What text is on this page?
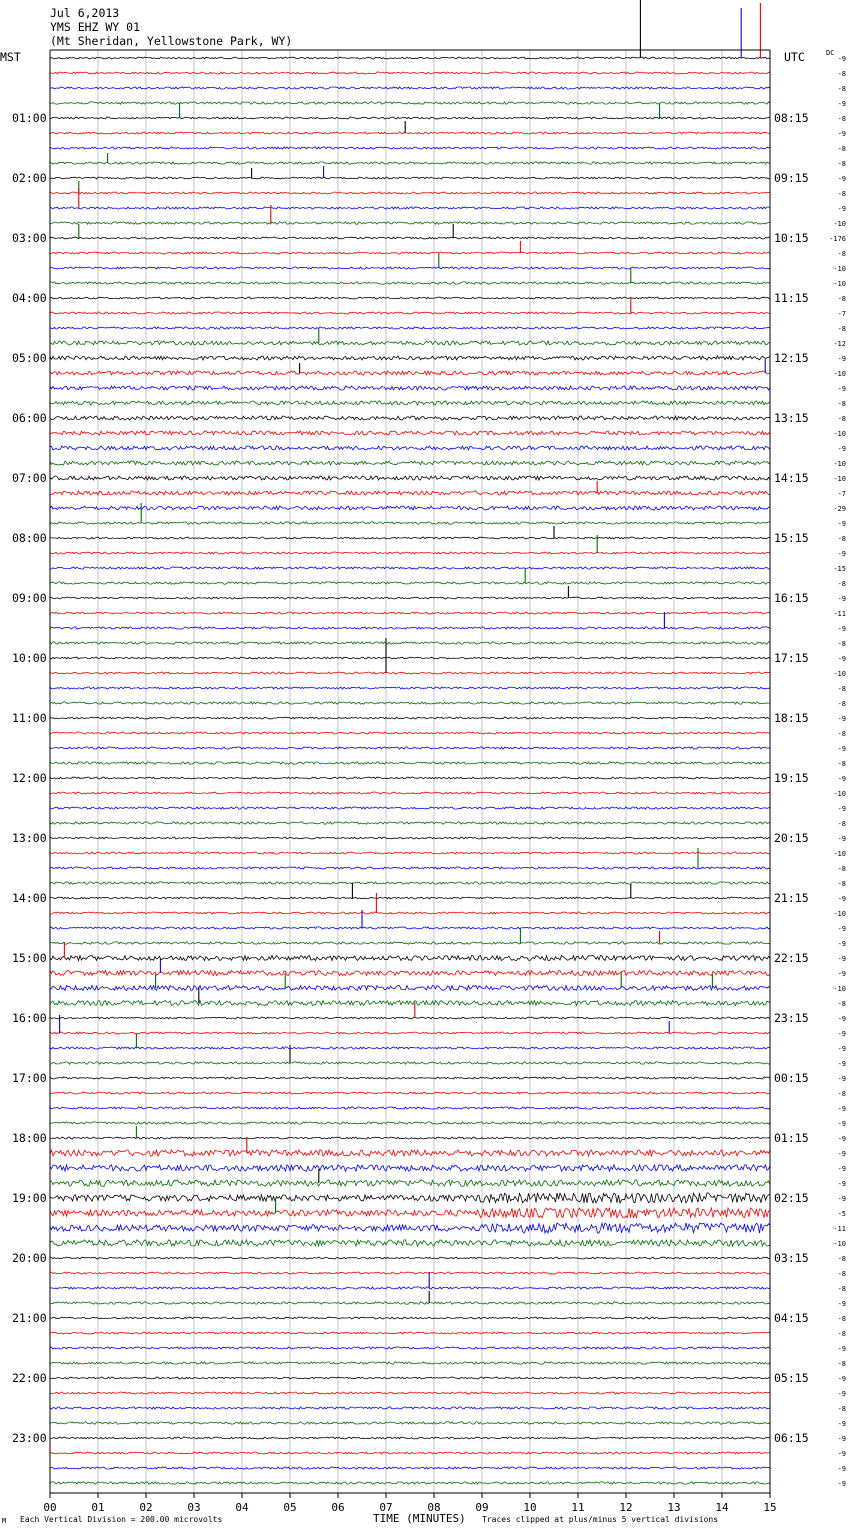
00	01	02	03	04	05	06	07	08	09	10	11	12	13	14	15
01:00
02:00
03:00
04:00
05:00
06:00
07:00
08:00
09:00
10:00
11:00
12:00
13:00
14:00
15:00
16:00
17:00
18:00
19:00
20:00
21:00
22:00
23:00
08:15
09:15
10:15
11:15
12:15
13:15
14:15
15:15
16:15
17:15
18:15
19:15
20:15
21:15
22:15
23:15
00:15
01:15
02:15
03:15
04:15
05:15
06:15
-9
-8
-8
-9
-8
-9
-8
-8
-9
-8
-9
-10
-176
-8
-10
-10
-8
-7
-8
-12
-9
-10
-9
-8
-8
-10
-9
-10
-10
-7
-29
-9
-8
-9
-15
-8
-9
-11
-9
-8
-9
-10
-8
-8
-9
-8
-9
-8
-9
-10
-9
-8
-9
-10
-8
-8
-9
-10
-9
-9
-9
-9
-10
-8
-9
-9
-9
-9
-9
-8
-9
-9
-9
-9
-9
-9
-9
-5
-11
-10
-8
-8
-8
-9
-8
-8
-9
-8
-9
-9
-8
-9
-9
-9
-9
-9
Jul 6,2013
YMS EHZ WY 01
(Mt Sheridan, Yellowstone Park, WY)
MST	UTC	DC
M Each Vertical Division = 200.00 microvolts	TIME (MINUTES) Traces clipped at plus/minus 5 vertical divisions
